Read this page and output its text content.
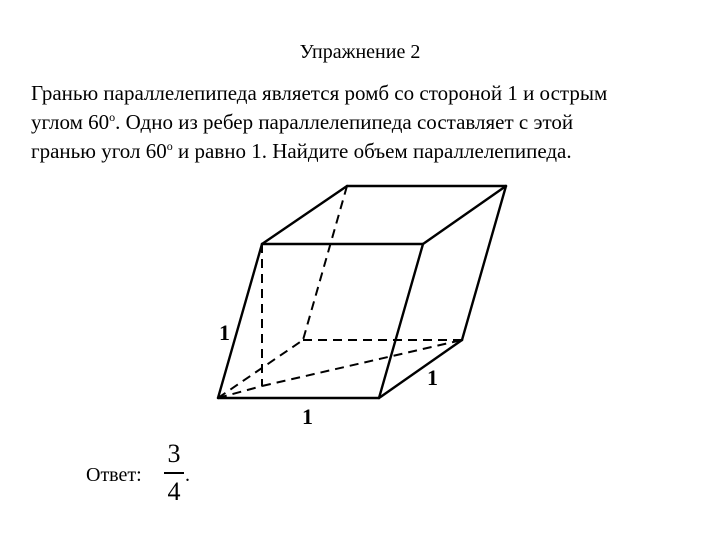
Упражнение 2

Гранью параллелепипеда является ромб со стороной 1 и острым

углом 60$^o$. Одно из ребер параллелепипеда составляет с этой

гранью угол 60$^o$ и равно 1. Найдите объем параллелепипеда.

1
1
1
Ответ:
3
4
.
